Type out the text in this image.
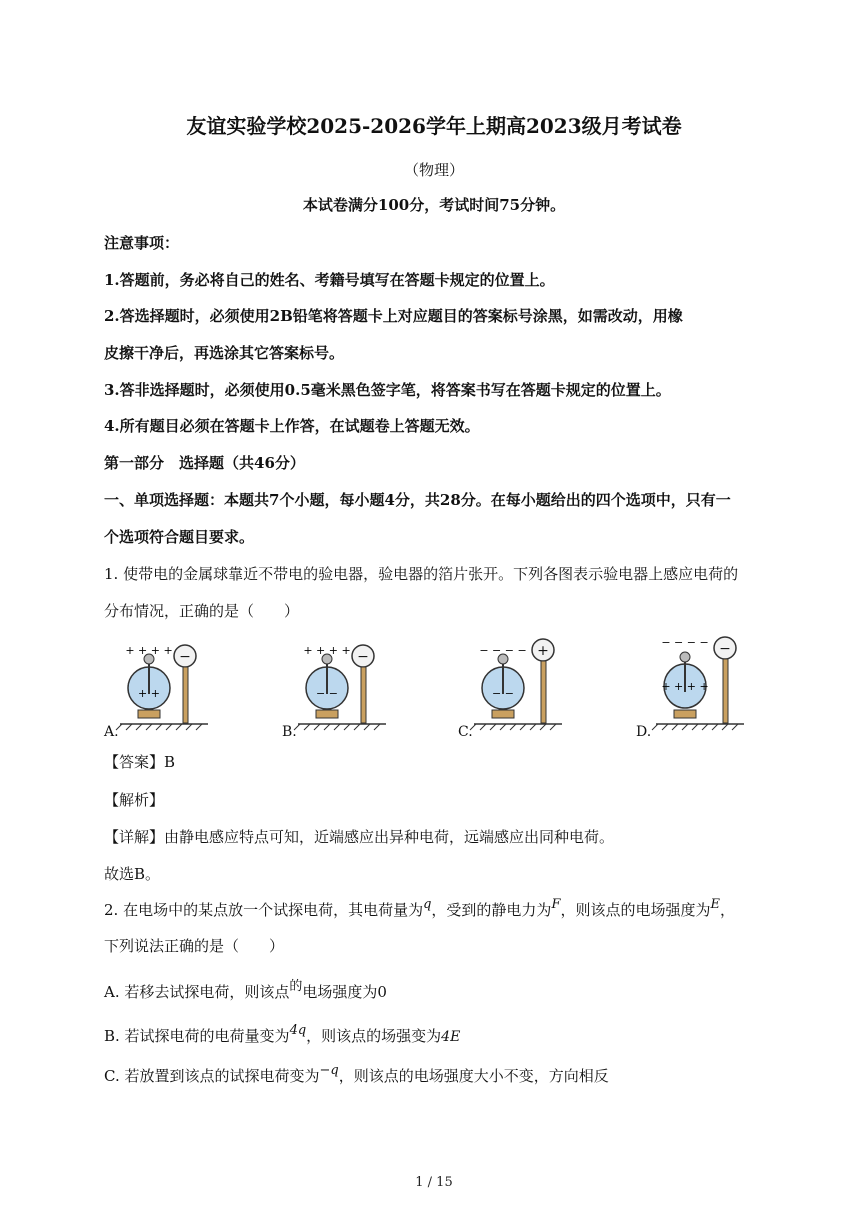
友谊实验学校2025-2026学年上期高2023级月考试卷
（物理）
本试卷满分100分，考试时间75分钟。
注意事项：
1.答题前，务必将自己的姓名、考籍号填写在答题卡规定的位置上。
2.答选择题时，必须使用2B铅笔将答题卡上对应题目的答案标号涂黑，如需改动，用橡
皮擦干净后，再选涂其它答案标号。
3.答非选择题时，必须使用0.5毫米黑色签字笔，将答案书写在答题卡规定的位置上。
4.所有题目必须在答题卡上作答，在试题卷上答题无效。
第一部分　选择题（共46分）
一、单项选择题：本题共7个小题，每小题4分，共28分。在每小题给出的四个选项中，只有一
个选项符合题目要求。
1. 使带电的金属球靠近不带电的验电器，验电器的箔片张开。下列各图表示验电器上感应电荷的
分布情况，正确的是（　　）
−
+ + + +
+ +
A.
−
+ + + +
− −
B.
+
− − − −
− −
C.
−
− − − −
+ + + +
D.
【答案】B
【解析】
【详解】由静电感应特点可知，近端感应出异种电荷，远端感应出同种电荷。
故选B。
2. 在电场中的某点放一个试探电荷，其电荷量为q，受到的静电力为F，则该点的电场强度为E，
下列说法正确的是（　　）
A. 若移去试探电荷，则该点的电场强度为0
B. 若试探电荷的电荷量变为4q，则该点的场强变为4E
C. 若放置到该点的试探电荷变为−q，则该点的电场强度大小不变，方向相反
1 / 15
